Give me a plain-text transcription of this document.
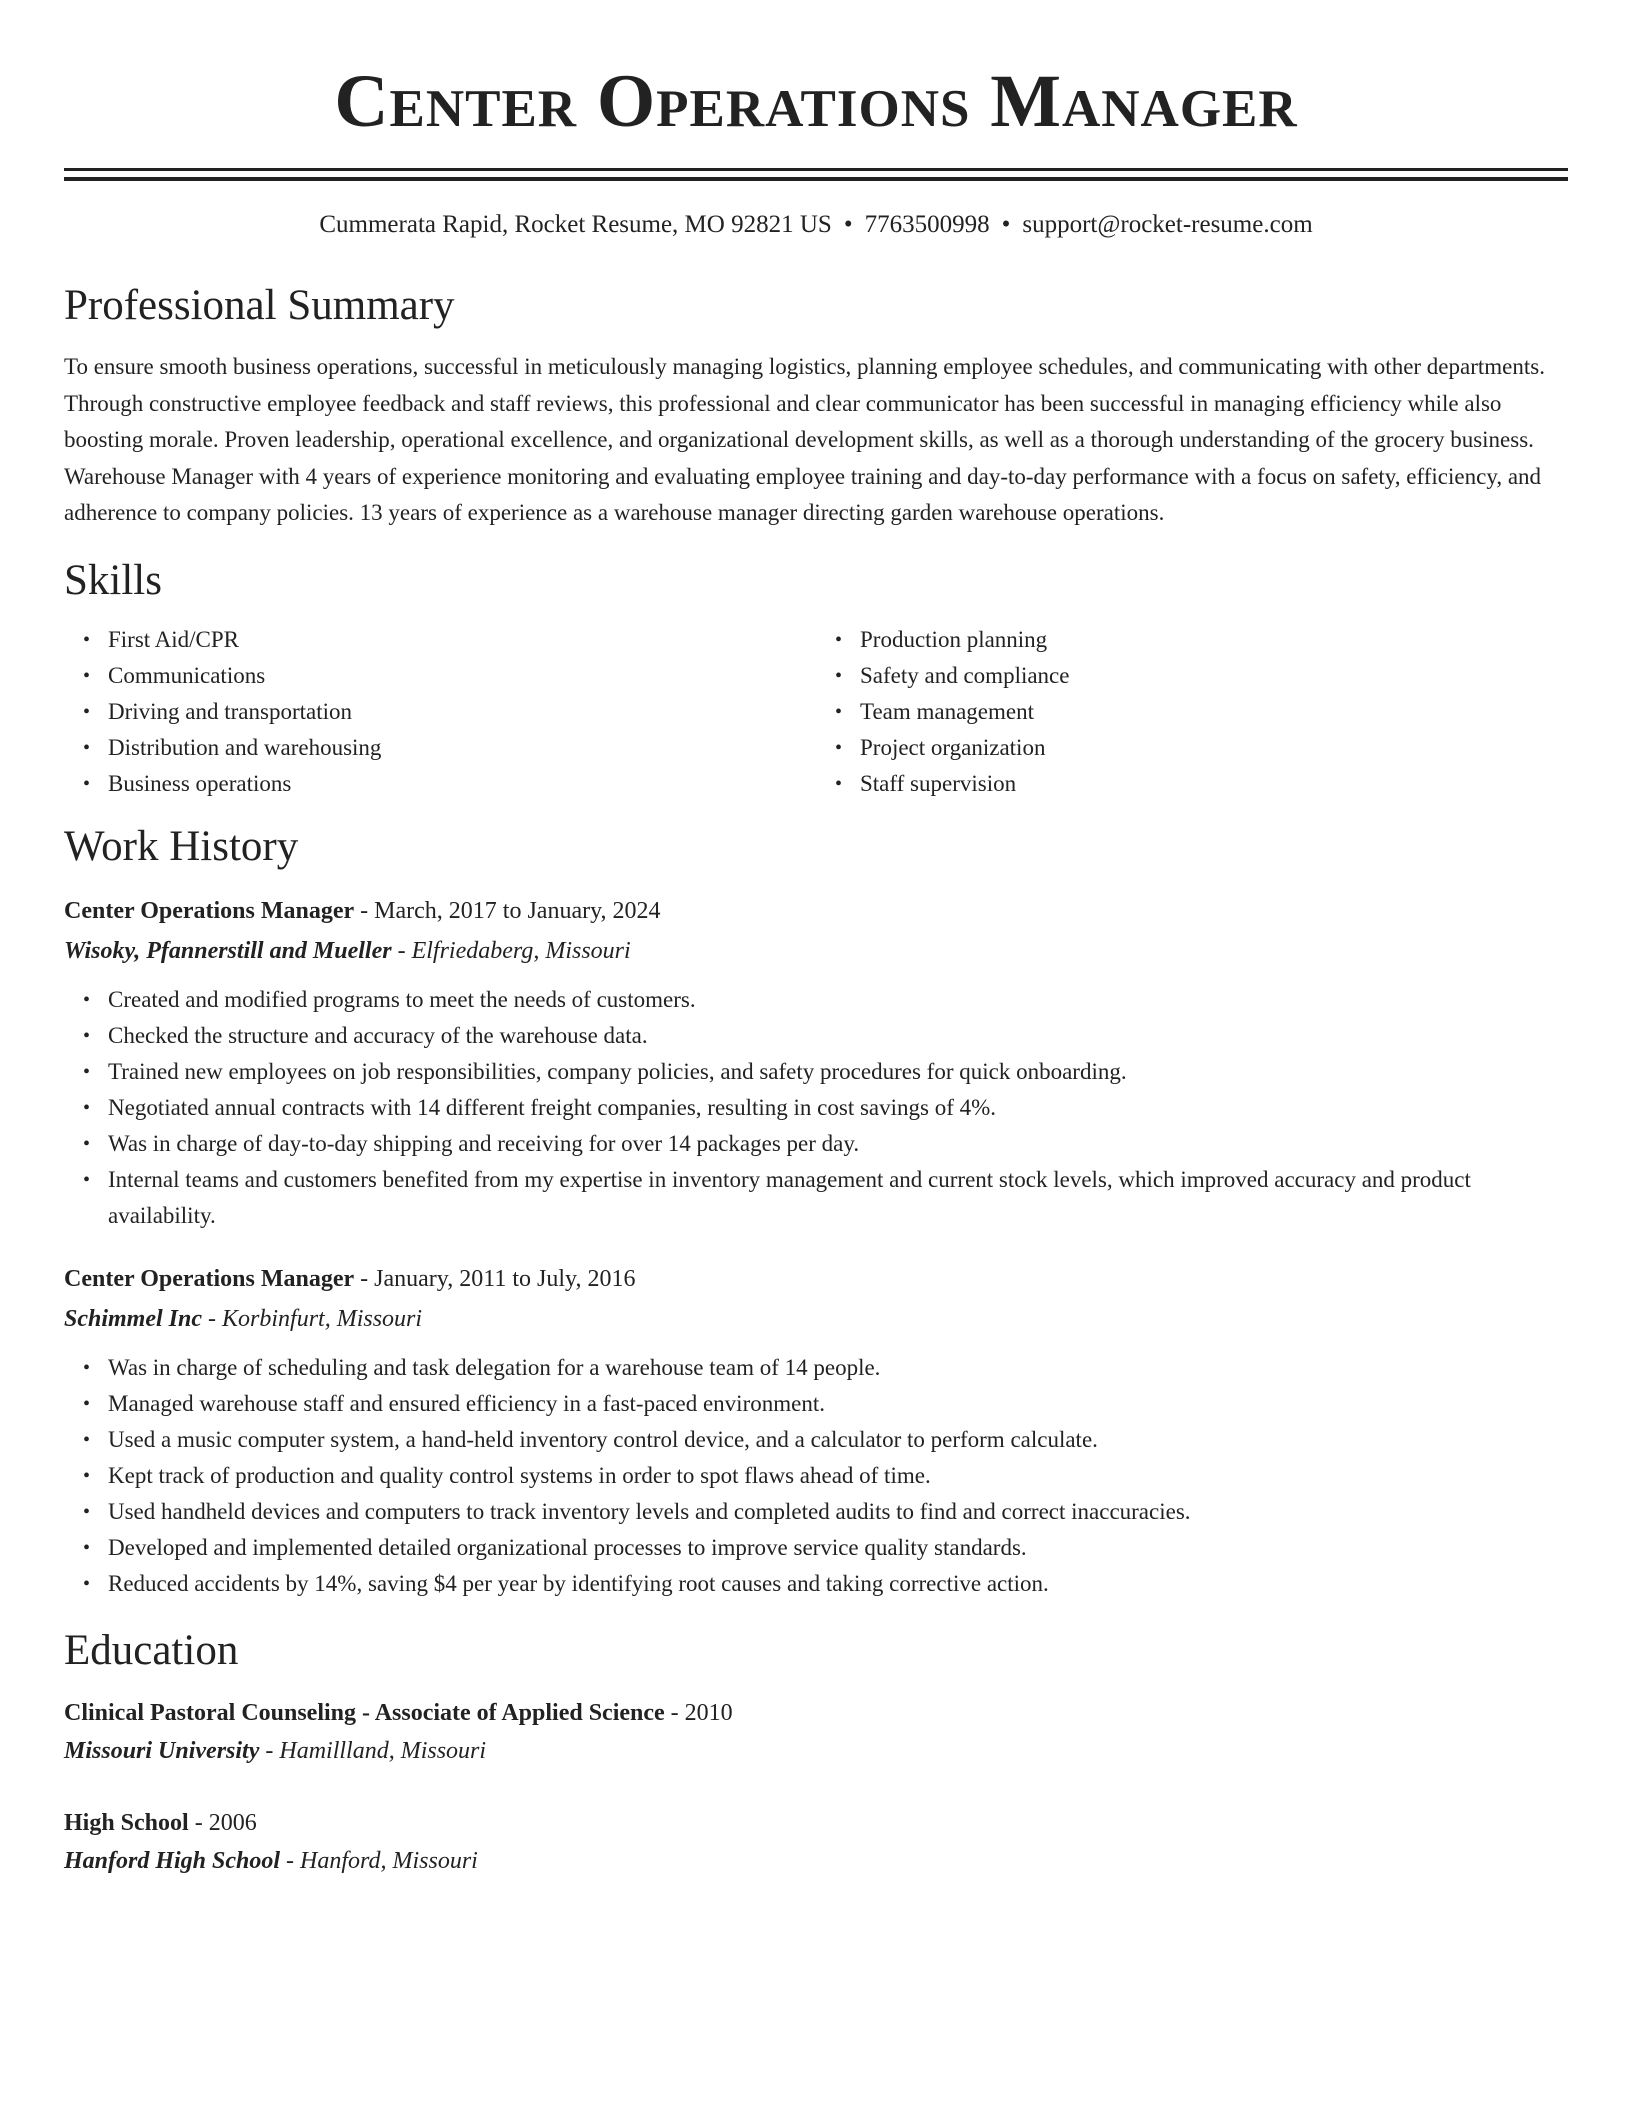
Center Operations Manager
Cummerata Rapid, Rocket Resume, MO 92821 US • 7763500998 • support@rocket-resume.com
Professional Summary

To ensure smooth business operations, successful in meticulously managing logistics, planning employee schedules, and communicating with other departments. Through constructive employee feedback and staff reviews, this professional and clear communicator has been successful in managing efficiency while also boosting morale. Proven leadership, operational excellence, and organizational development skills, as well as a thorough understanding of the grocery business. Warehouse Manager with 4 years of experience monitoring and evaluating employee training and day-to-day performance with a focus on safety, efficiency, and adherence to company policies. 13 years of experience as a warehouse manager directing garden warehouse operations.

Skills
• First Aid/CPR
• Communications
• Driving and transportation
• Distribution and warehousing
• Business operations
• Production planning
• Safety and compliance
• Team management
• Project organization
• Staff supervision
Work History
Center Operations Manager - March, 2017 to January, 2024
Wisoky, Pfannerstill and Mueller - Elfriedaberg, Missouri
• Created and modified programs to meet the needs of customers.
• Checked the structure and accuracy of the warehouse data.
• Trained new employees on job responsibilities, company policies, and safety procedures for quick onboarding.
• Negotiated annual contracts with 14 different freight companies, resulting in cost savings of 4%.
• Was in charge of day-to-day shipping and receiving for over 14 packages per day.
• Internal teams and customers benefited from my expertise in inventory management and current stock levels, which improved accuracy and product availability.
Center Operations Manager - January, 2011 to July, 2016
Schimmel Inc - Korbinfurt, Missouri
• Was in charge of scheduling and task delegation for a warehouse team of 14 people.
• Managed warehouse staff and ensured efficiency in a fast-paced environment.
• Used a music computer system, a hand-held inventory control device, and a calculator to perform calculate.
• Kept track of production and quality control systems in order to spot flaws ahead of time.
• Used handheld devices and computers to track inventory levels and completed audits to find and correct inaccuracies.
• Developed and implemented detailed organizational processes to improve service quality standards.
• Reduced accidents by 14%, saving $4 per year by identifying root causes and taking corrective action.
Education
Clinical Pastoral Counseling - Associate of Applied Science - 2010
Missouri University - Hamillland, Missouri
High School - 2006
Hanford High School - Hanford, Missouri
